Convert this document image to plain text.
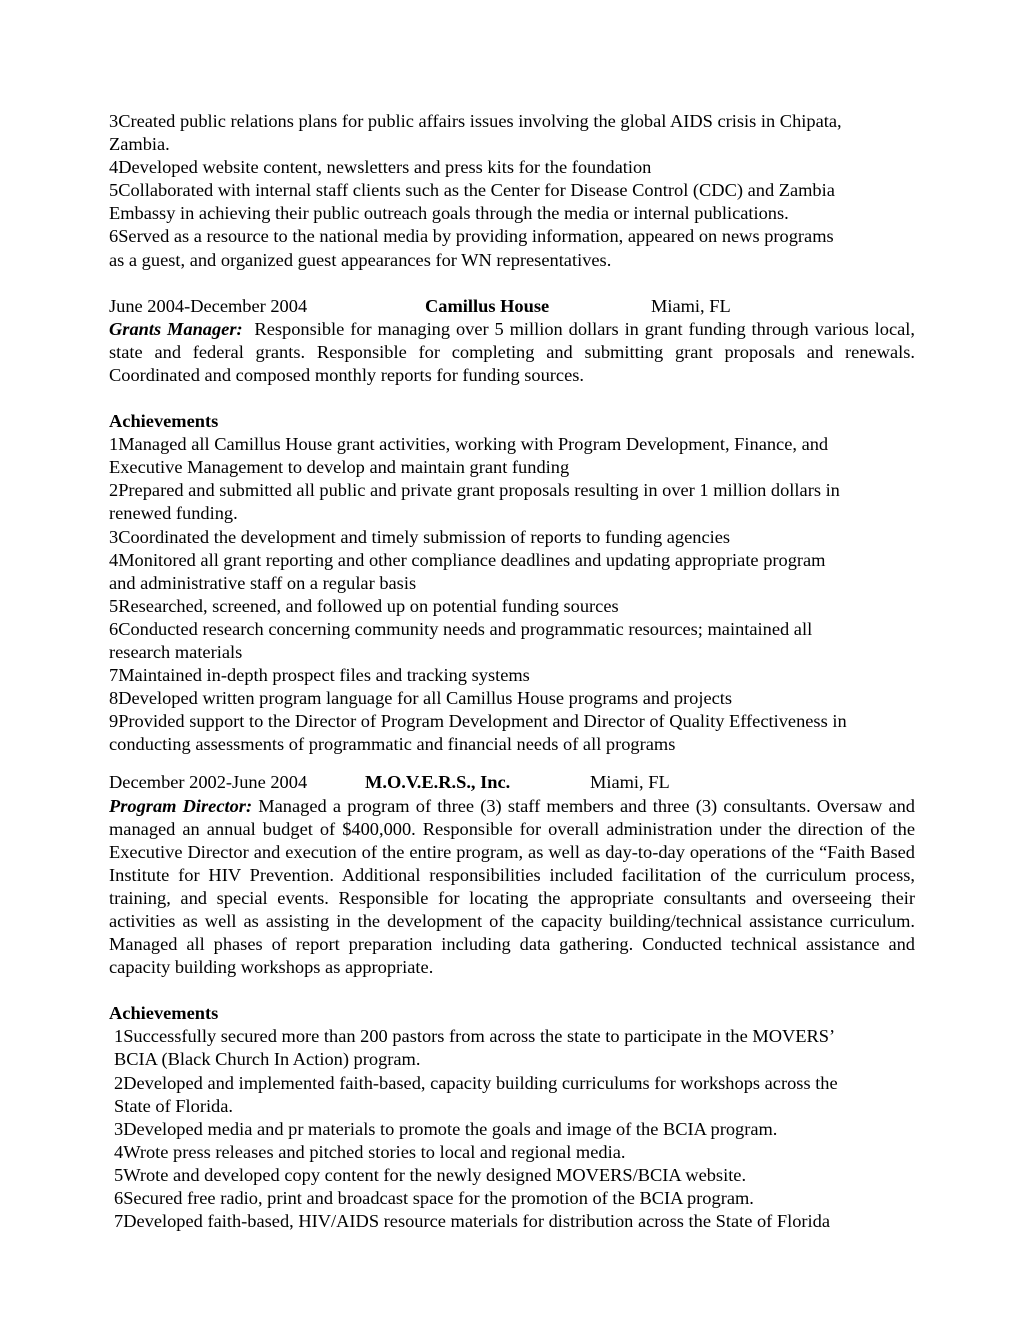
3Created public relations plans for public affairs issues involving the global AIDS crisis in Chipata,
Zambia.
4Developed website content, newsletters and press kits for the foundation
5Collaborated with internal staff clients such as the Center for Disease Control (CDC) and Zambia
Embassy in achieving their public outreach goals through the media or internal publications.
6Served as a resource to the national media by providing information, appeared on news programs
as a guest, and organized guest appearances for WN representatives.
June 2004-December 2004	Camillus House	Miami, FL
Grants Manager: Responsible for managing over 5 million dollars in grant funding through various local, state and federal grants. Responsible for completing and submitting grant proposals and renewals. Coordinated and composed monthly reports for funding sources.
Achievements
1Managed all Camillus House grant activities, working with Program Development, Finance, and
Executive Management to develop and maintain grant funding
2Prepared and submitted all public and private grant proposals resulting in over 1 million dollars in
renewed funding.
3Coordinated the development and timely submission of reports to funding agencies
4Monitored all grant reporting and other compliance deadlines and updating appropriate program
and administrative staff on a regular basis
5Researched, screened, and followed up on potential funding sources
6Conducted research concerning community needs and programmatic resources; maintained all
research materials
7Maintained in-depth prospect files and tracking systems
8Developed written program language for all Camillus House programs and projects
9Provided support to the Director of Program Development and Director of Quality Effectiveness in
conducting assessments of programmatic and financial needs of all programs
December 2002-June 2004	M.O.V.E.R.S., Inc.	Miami, FL
Program Director: Managed a program of three (3) staff members and three (3) consultants. Oversaw and managed an annual budget of $400,000. Responsible for overall administration under the direction of the Executive Director and execution of the entire program, as well as day-to-day operations of the “Faith Based Institute for HIV Prevention. Additional responsibilities included facilitation of the curriculum process, training, and special events. Responsible for locating the appropriate consultants and overseeing their activities as well as assisting in the development of the capacity building/technical assistance curriculum. Managed all phases of report preparation including data gathering. Conducted technical assistance and capacity building workshops as appropriate.
Achievements
1Successfully secured more than 200 pastors from across the state to participate in the MOVERS’
BCIA (Black Church In Action) program.
2Developed and implemented faith-based, capacity building curriculums for workshops across the
State of Florida.
3Developed media and pr materials to promote the goals and image of the BCIA program.
4Wrote press releases and pitched stories to local and regional media.
5Wrote and developed copy content for the newly designed MOVERS/BCIA website.
6Secured free radio, print and broadcast space for the promotion of the BCIA program.
7Developed faith-based, HIV/AIDS resource materials for distribution across the State of Florida
